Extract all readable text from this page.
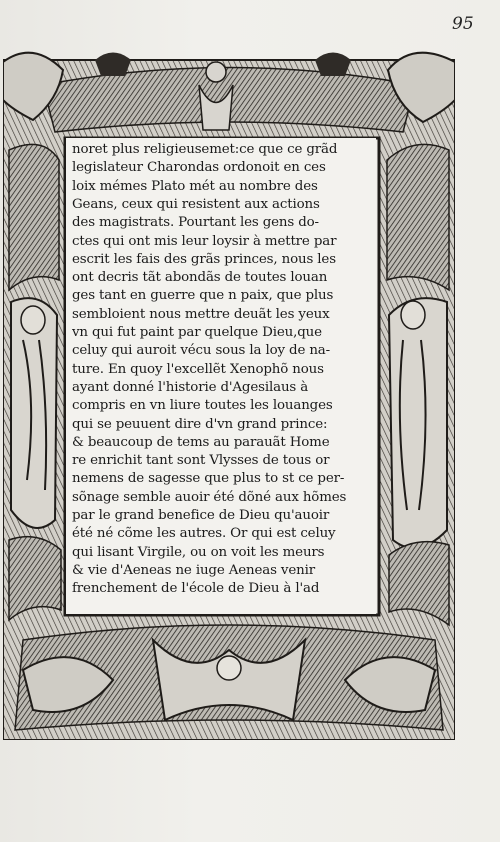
95
noret plus religieusemet:ce que ce grãd
legislateur Charondas ordonoit en ces
loix mémes Plato mét au nombre des
Geans, ceux qui resistent aux actions
des magistrats. Pourtant les gens do-
ctes qui ont mis leur loysir à mettre par
escrit les fais des grãs princes, nous les
ont decris tãt abondãs de toutes louan
ges tant en guerre que n paix, que plus
sembloient nous mettre deuãt les yeux
vn qui fut paint par quelque Dieu,que
celuy qui auroit vécu sous la loy de na-
ture. En quoy l'excellẽt Xenophõ nous
ayant donné l'historie d'Agesilaus à
compris en vn liure toutes les louanges
qui se peuuent dire d'vn grand prince:
& beaucoup de tems au parauãt Home
re enrichit tant sont Vlysses de tous or
nemens de sagesse que plus to st ce per-
sõnage semble auoir été dõné aux hõmes
par le grand benefice de Dieu qu'auoir
été né cõme les autres. Or qui est celuy
qui lisant Virgile, ou on voit les meurs
& vie d'Aeneas ne iuge Aeneas venir
frenchement de l'école de Dieu à l'ad
